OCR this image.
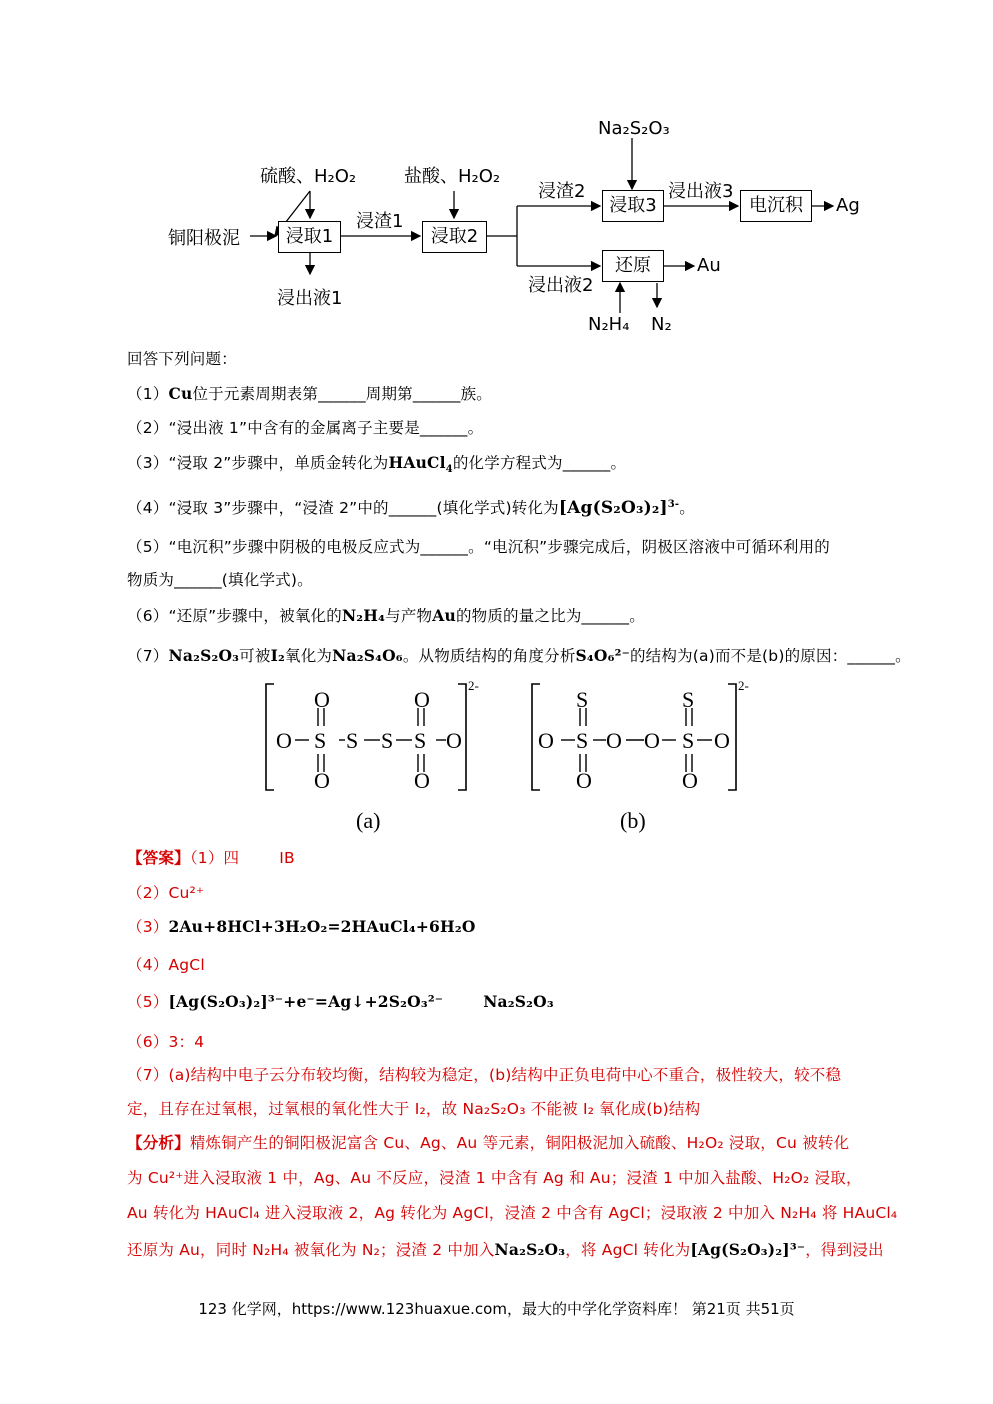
硫酸、H₂O₂	盐酸、H₂O₂
Na₂S₂O₃
铜阳极泥	浸取1	浸取2
浸取3	电沉积
还原
浸渣1
浸渣2	浸出液3
浸出液2
浸出液1
Ag
Au
N₂H₄ N₂
回答下列问题：
（1）Cu位于元素周期表第______周期第______族。
（2）“浸出液 1”中含有的金属离子主要是______。
（3）“浸取 2”步骤中，单质金转化为HAuCl$_4$的化学方程式为______。
（4）“浸取 3”步骤中，“浸渣 2”中的______(填化学式)转化为$[Ag(S_2O_3)_2]^{3-}$。
（5）“电沉积”步骤中阴极的电极反应式为______。“电沉积”步骤完成后，阴极区溶液中可循环利用的
物质为______(填化学式)。
（6）“还原”步骤中，被氧化的N₂H₄与产物Au的物质的量之比为______。
（7）Na₂S₂O₃可被I₂氧化为Na₂S₄O₆。从物质结构的角度分析S₄O₆²⁻的结构为(a)而不是(b)的原因：______。
O	O
O S S S S O
O	O
2-
(a)
S	S
O S O O S O
O	O
2-
(b)
【答案】（1）四	IB
（2）Cu²⁺
（3）2Au+8HCl+3H₂O₂=2HAuCl₄+6H₂O
（4）AgCl
（5）[Ag(S₂O₃)₂]³⁻+e⁻=Ag↓+2S₂O₃²⁻	Na₂S₂O₃
（6）3：4
（7）(a)结构中电子云分布较均衡，结构较为稳定，(b)结构中正负电荷中心不重合，极性较大，较不稳
定，且存在过氧根，过氧根的氧化性大于 I₂，故 Na₂S₂O₃ 不能被 I₂ 氧化成(b)结构
【分析】精炼铜产生的铜阳极泥富含 Cu、Ag、Au 等元素，铜阳极泥加入硫酸、H₂O₂ 浸取，Cu 被转化
为 Cu²⁺进入浸取液 1 中，Ag、Au 不反应，浸渣 1 中含有 Ag 和 Au；浸渣 1 中加入盐酸、H₂O₂ 浸取，
Au 转化为 HAuCl₄ 进入浸取液 2，Ag 转化为 AgCl，浸渣 2 中含有 AgCl；浸取液 2 中加入 N₂H₄ 将 HAuCl₄
还原为 Au，同时 N₂H₄ 被氧化为 N₂；浸渣 2 中加入Na₂S₂O₃，将 AgCl 转化为[Ag(S₂O₃)₂]³⁻，得到浸出
123 化学网，https://www.123huaxue.com，最大的中学化学资料库！ 第21页 共51页
